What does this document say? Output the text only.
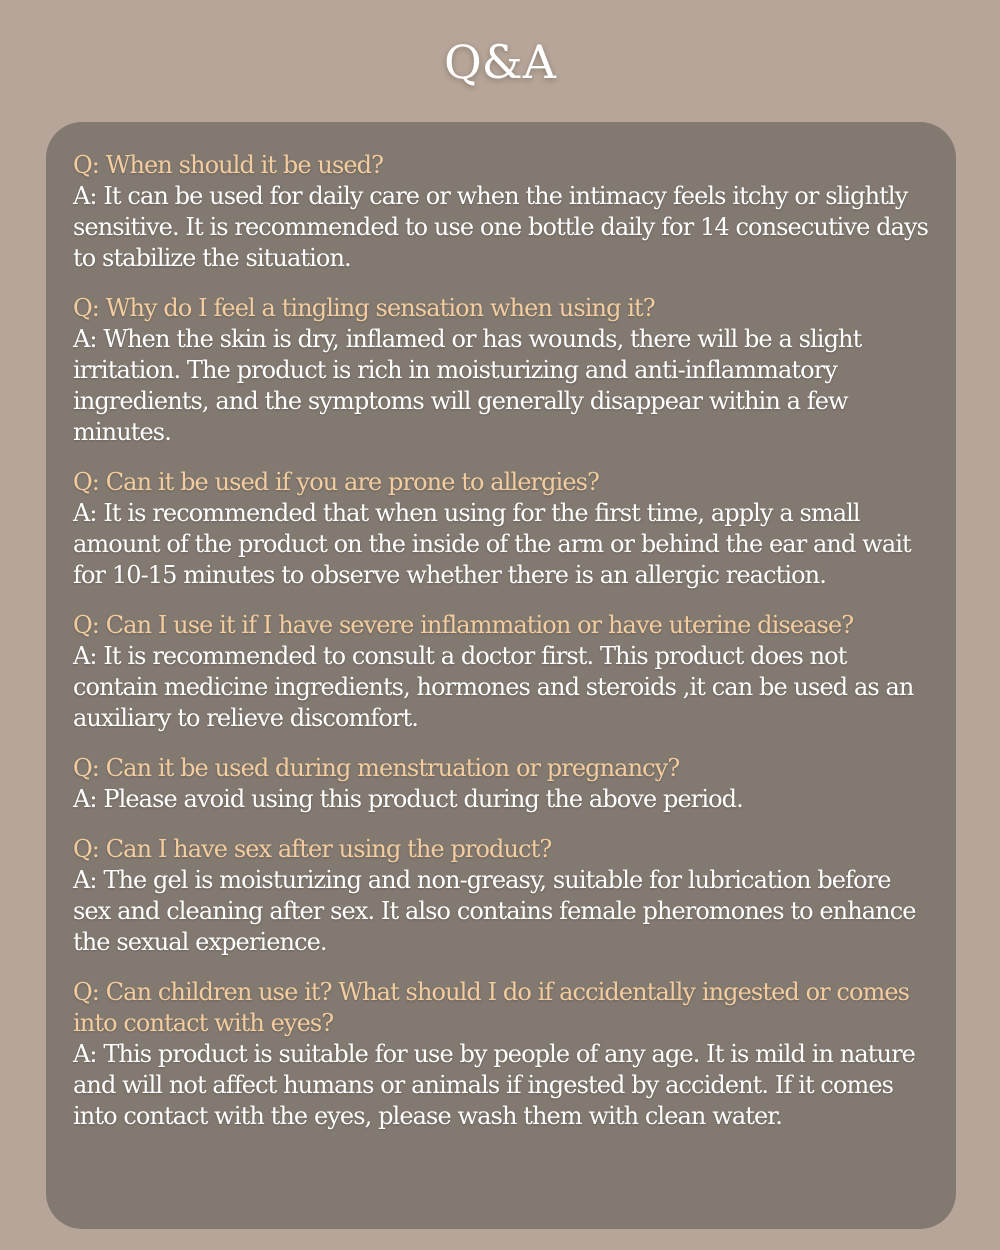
Q&A

Q: When should it be used?

A: It can be used for daily care or when the intimacy feels itchy or slightly sensitive. It is recommended to use one bottle daily for 14 consecutive days to stabilize the situation.

Q: Why do I feel a tingling sensation when using it?

A: When the skin is dry, inflamed or has wounds, there will be a slight irritation. The product is rich in moisturizing and anti-inflammatory ingredients, and the symptoms will generally disappear within a few minutes.

Q: Can it be used if you are prone to allergies?

A: It is recommended that when using for the first time, apply a small amount of the product on the inside of the arm or behind the ear and wait for 10-15 minutes to observe whether there is an allergic reaction.

Q: Can I use it if I have severe inflammation or have uterine disease?

A: It is recommended to consult a doctor first. This product does not contain medicine ingredients, hormones and steroids ,it can be used as an auxiliary to relieve discomfort.

Q: Can it be used during menstruation or pregnancy?

A: Please avoid using this product during the above period.

Q: Can I have sex after using the product?

A: The gel is moisturizing and non-greasy, suitable for lubrication before sex and cleaning after sex. It also contains female pheromones to enhance the sexual experience.

Q: Can children use it? What should I do if accidentally ingested or comes into contact with eyes?

A: This product is suitable for use by people of any age. It is mild in nature and will not affect humans or animals if ingested by accident. If it comes into contact with the eyes, please wash them with clean water.
